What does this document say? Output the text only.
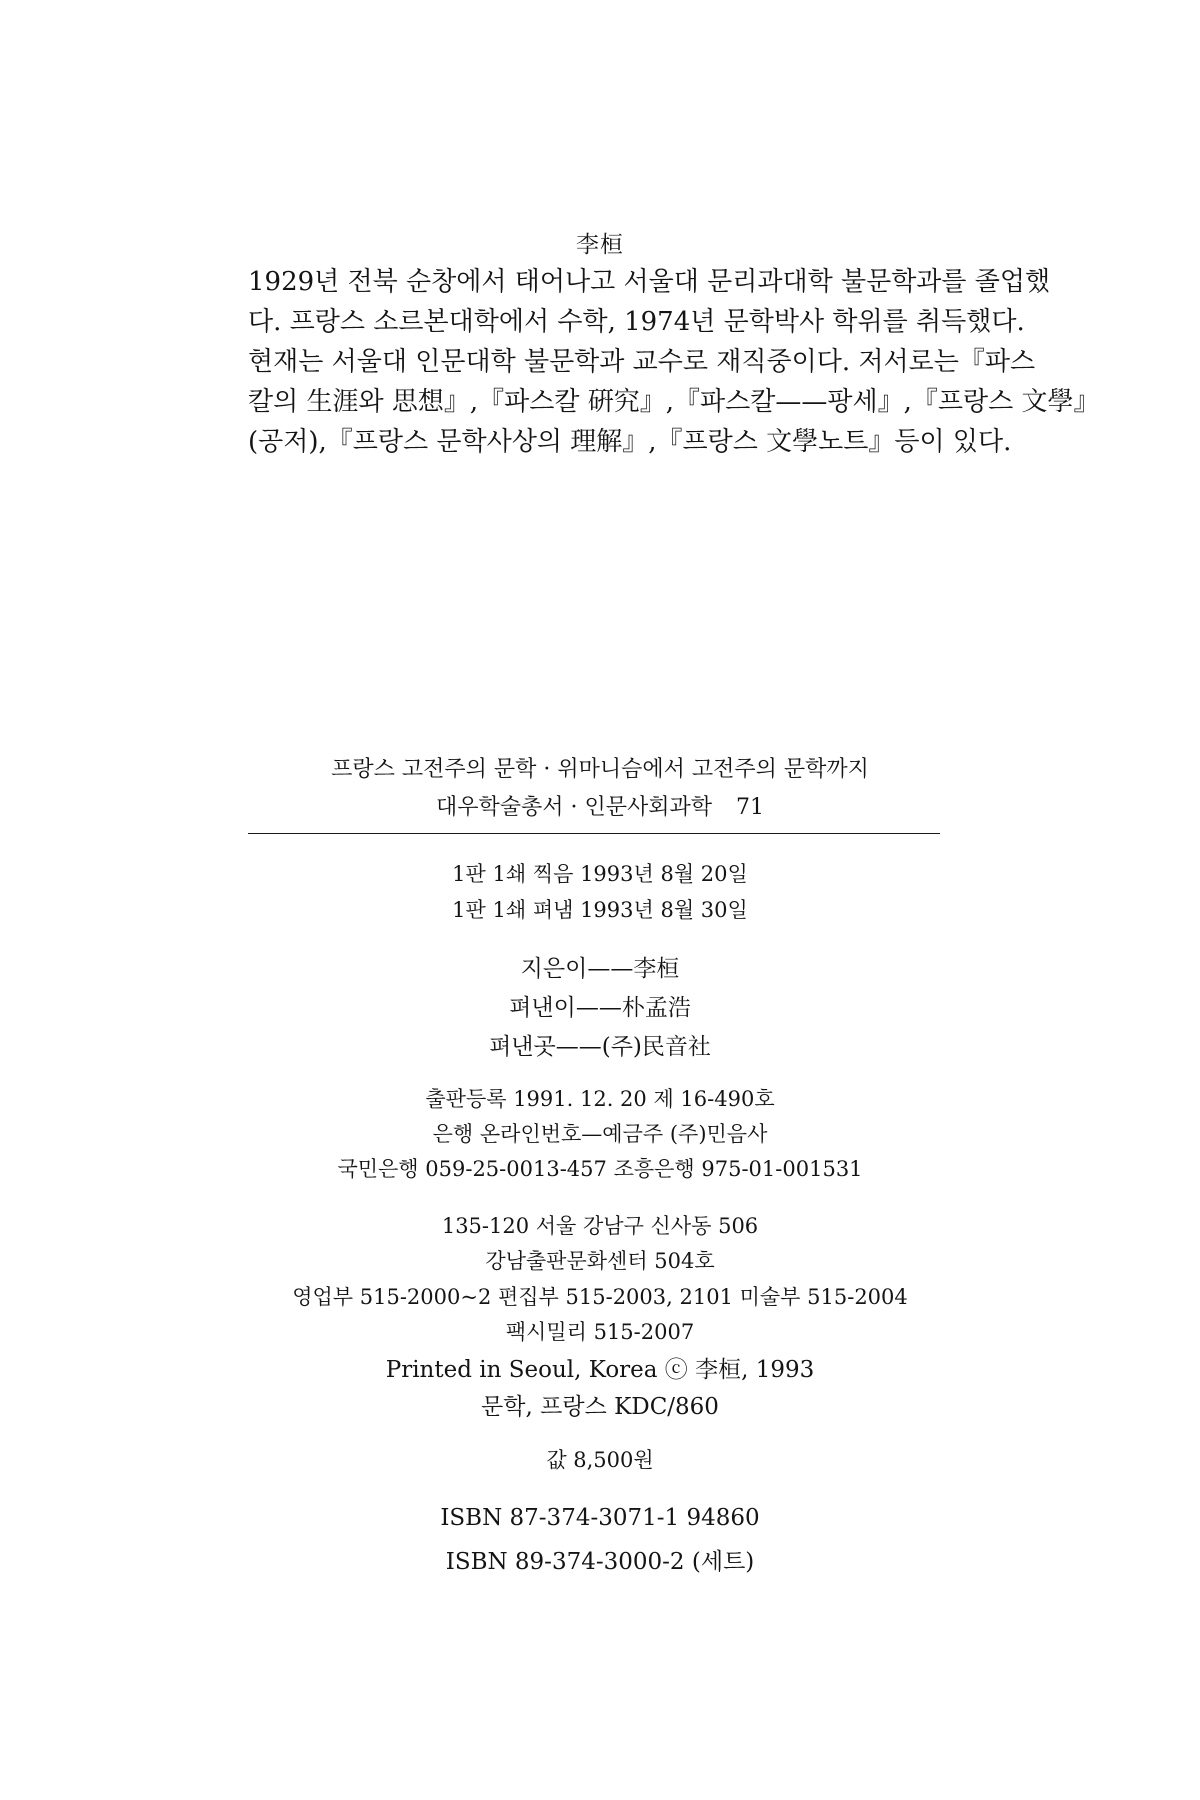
李桓
1929년 전북 순창에서 태어나고 서울대 문리과대학 불문학과를 졸업했
다. 프랑스 소르본대학에서 수학, 1974년 문학박사 학위를 취득했다.
현재는 서울대 인문대학 불문학과 교수로 재직중이다. 저서로는『파스
칼의 生涯와 思想』,『파스칼 硏究』,『파스칼——팡세』,『프랑스 文學』
(공저),『프랑스 문학사상의 理解』,『프랑스 文學노트』등이 있다.
프랑스 고전주의 문학 · 위마니슴에서 고전주의 문학까지
대우학술총서 · 인문사회과학 71
1판 1쇄 찍음 1993년 8월 20일
1판 1쇄 펴냄 1993년 8월 30일
지은이——李桓
펴낸이——朴孟浩
펴낸곳——(주)民音社
출판등록 1991. 12. 20 제 16-490호
은행 온라인번호—예금주 (주)민음사
국민은행 059-25-0013-457 조흥은행 975-01-001531
135-120 서울 강남구 신사동 506
강남출판문화센터 504호
영업부 515-2000~2 편집부 515-2003, 2101 미술부 515-2004
팩시밀리 515-2007
Printed in Seoul, Korea ⓒ 李桓, 1993
문학, 프랑스 KDC/860
값 8,500원
ISBN 87-374-3071-1 94860
ISBN 89-374-3000-2 (세트)
